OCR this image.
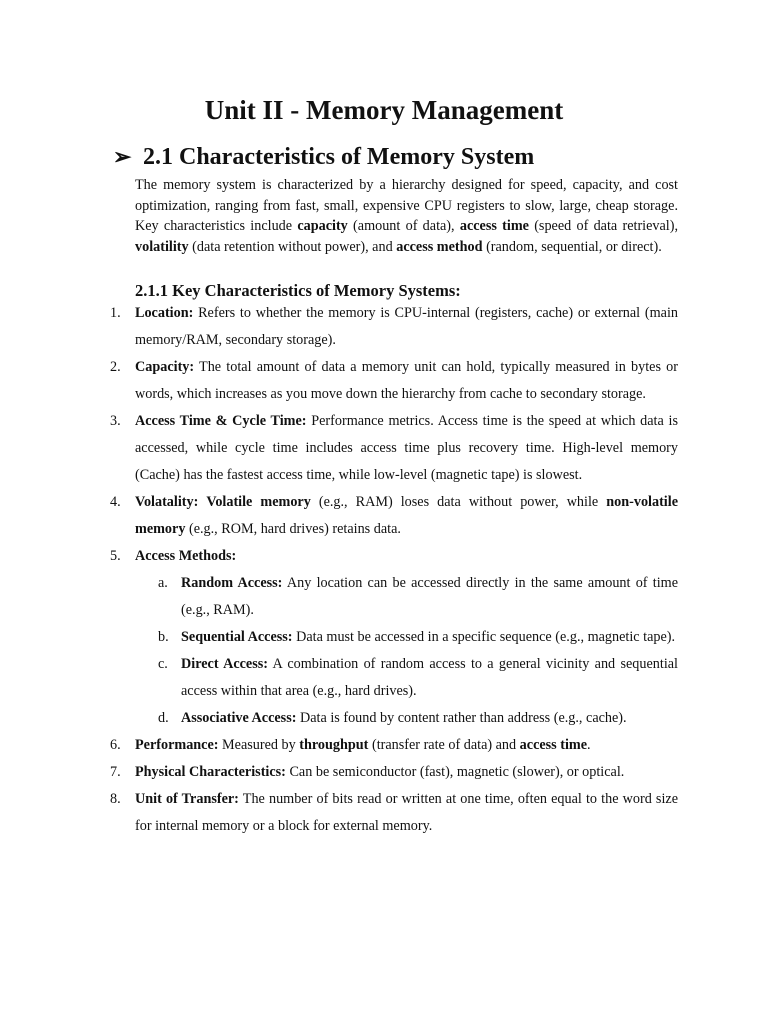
Unit II - Memory Management
➢ 2.1 Characteristics of Memory System
The memory system is characterized by a hierarchy designed for speed, capacity, and cost optimization, ranging from fast, small, expensive CPU registers to slow, large, cheap storage. Key characteristics include capacity (amount of data), access time (speed of data retrieval), volatility (data retention without power), and access method (random, sequential, or direct).
2.1.1 Key Characteristics of Memory Systems:
1. Location: Refers to whether the memory is CPU-internal (registers, cache) or external (main memory/RAM, secondary storage).
2. Capacity: The total amount of data a memory unit can hold, typically measured in bytes or words, which increases as you move down the hierarchy from cache to secondary storage.
3. Access Time & Cycle Time: Performance metrics. Access time is the speed at which data is accessed, while cycle time includes access time plus recovery time. High-level memory (Cache) has the fastest access time, while low-level (magnetic tape) is slowest.
4. Volatality: Volatile memory (e.g., RAM) loses data without power, while non-volatile memory (e.g., ROM, hard drives) retains data.
5. Access Methods:
a. Random Access: Any location can be accessed directly in the same amount of time (e.g., RAM).
b. Sequential Access: Data must be accessed in a specific sequence (e.g., magnetic tape).
c. Direct Access: A combination of random access to a general vicinity and sequential access within that area (e.g., hard drives).
d. Associative Access: Data is found by content rather than address (e.g., cache).
6. Performance: Measured by throughput (transfer rate of data) and access time.
7. Physical Characteristics: Can be semiconductor (fast), magnetic (slower), or optical.
8. Unit of Transfer: The number of bits read or written at one time, often equal to the word size for internal memory or a block for external memory.
